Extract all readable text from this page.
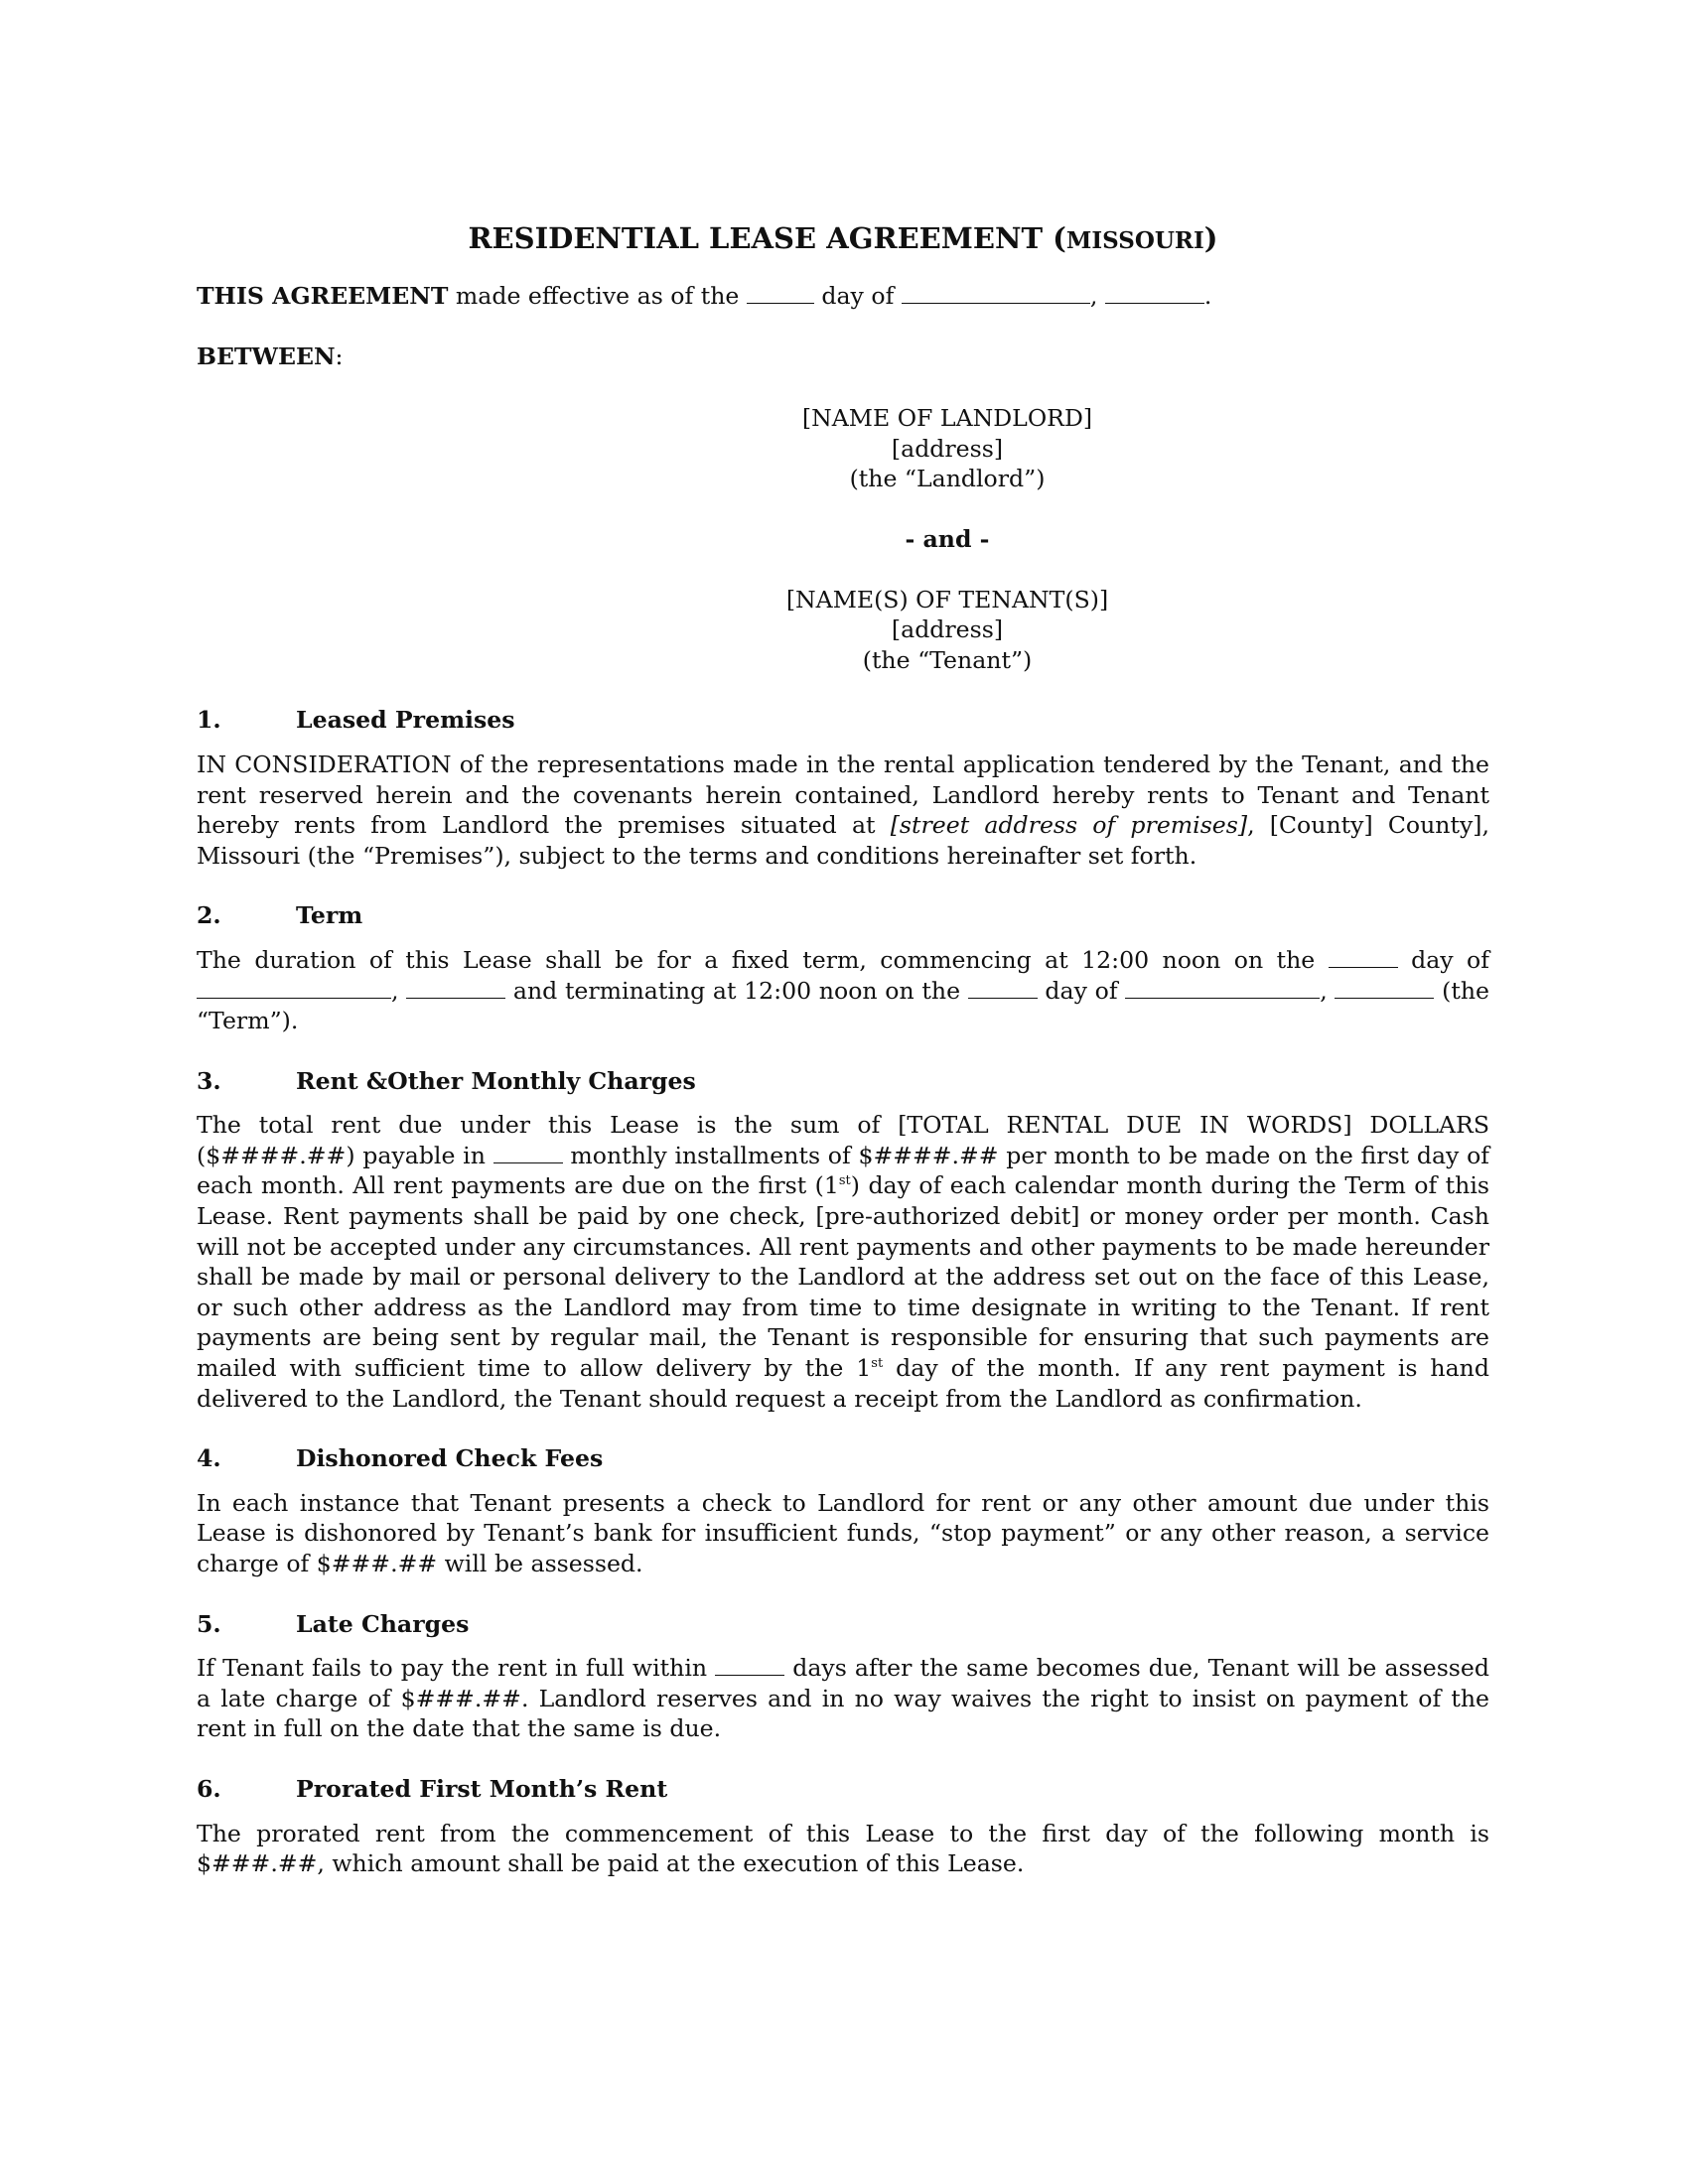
RESIDENTIAL LEASE AGREEMENT (MISSOURI)

THIS AGREEMENT made effective as of the	day of	,	.

BETWEEN:

[NAME OF LANDLORD]

[address]

(the “Landlord”)

- and -

[NAME(S) OF TENANT(S)]

[address]

(the “Tenant”)

1.	Leased Premises

IN CONSIDERATION of the representations made in the rental application tendered by the Tenant, and the rent reserved herein and the covenants herein contained, Landlord hereby rents to Tenant and Tenant hereby rents from Landlord the premises situated at [street address of premises], [County] County], Missouri (the “Premises”), subject to the terms and conditions hereinafter set forth.

2.	Term

The duration of this Lease shall be for a fixed term, commencing at 12:00 noon on the	day of ,	and terminating at 12:00 noon on the	day of	,	(the “Term”).

3.	Rent &Other Monthly Charges

The total rent due under this Lease is the sum of [TOTAL RENTAL DUE IN WORDS] DOLLARS ($####.##) payable in	monthly installments of $####.## per month to be made on the first day of each month. All rent payments are due on the first (1st) day of each calendar month during the Term of this Lease. Rent payments shall be paid by one check, [pre-authorized debit] or money order per month. Cash will not be accepted under any circumstances. All rent payments and other payments to be made hereunder shall be made by mail or personal delivery to the Landlord at the address set out on the face of this Lease, or such other address as the Landlord may from time to time designate in writing to the Tenant. If rent payments are being sent by regular mail, the Tenant is responsible for ensuring that such payments are mailed with sufficient time to allow delivery by the 1st day of the month. If any rent payment is hand delivered to the Landlord, the Tenant should request a receipt from the Landlord as confirmation.

4.	Dishonored Check Fees

In each instance that Tenant presents a check to Landlord for rent or any other amount due under this Lease is dishonored by Tenant’s bank for insufficient funds, “stop payment” or any other reason, a service charge of $###.## will be assessed.

5.	Late Charges

If Tenant fails to pay the rent in full within	days after the same becomes due, Tenant will be assessed a late charge of $###.##. Landlord reserves and in no way waives the right to insist on payment of the rent in full on the date that the same is due.

6.	Prorated First Month’s Rent

The prorated rent from the commencement of this Lease to the first day of the following month is $###.##, which amount shall be paid at the execution of this Lease.
